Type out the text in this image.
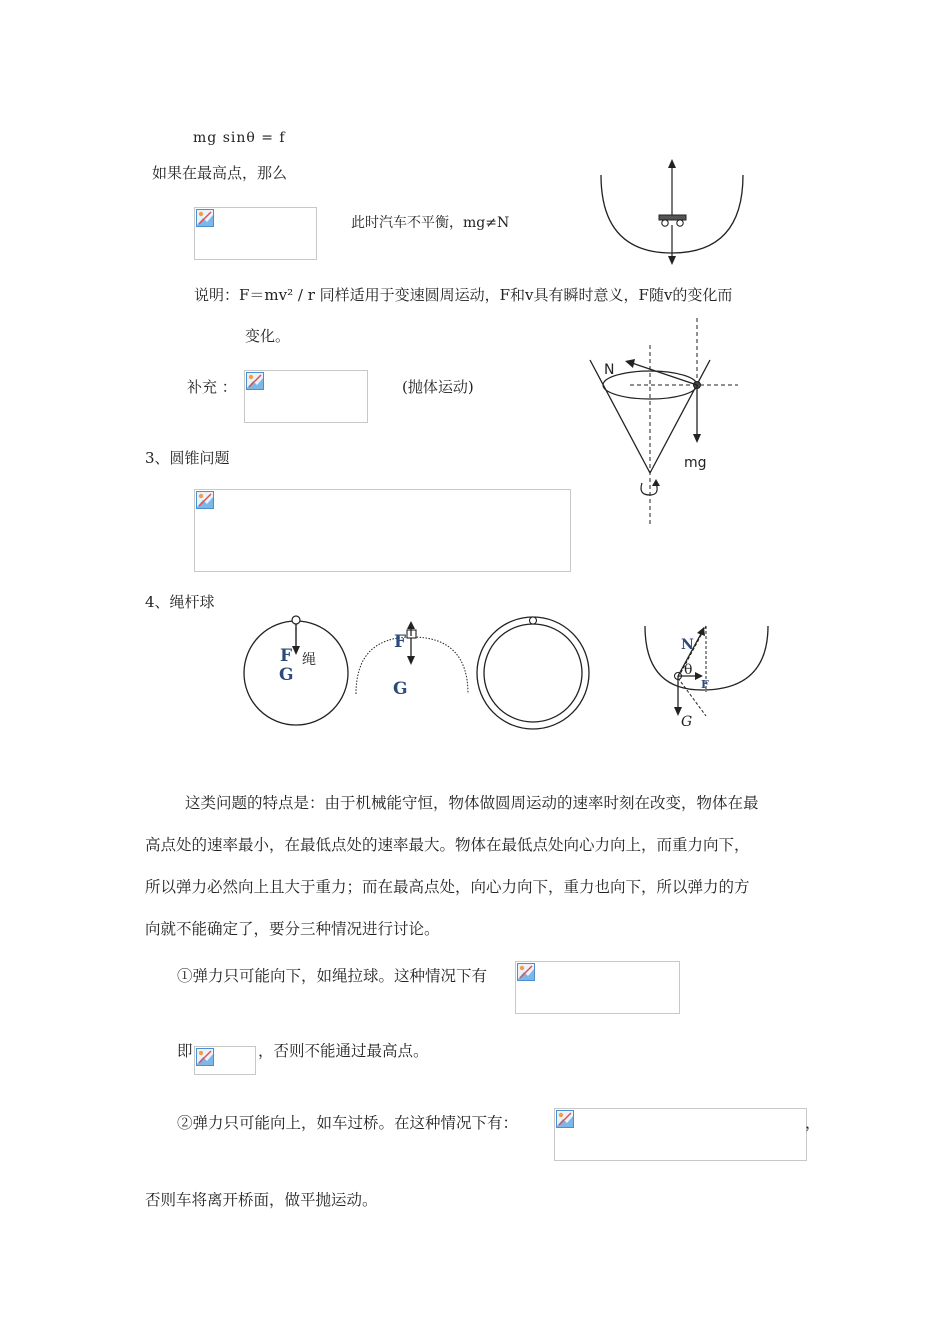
mg sinθ = f
如果在最高点，那么
此时汽车不平衡，mg≠N
说明：F＝mv² / r 同样适用于变速圆周运动，F和v具有瞬时意义，F随v的变化而
变化。
补充 ：	(抛体运动)
N
mg
3、圆锥问题
4、绳杆球
F
G
绳
F
G
N
θ
F
G

这类问题的特点是：由于机械能守恒，物体做圆周运动的速率时刻在改变，物体在最

高点处的速率最小，在最低点处的速率最大。物体在最低点处向心力向上，而重力向下，

所以弹力必然向上且大于重力；而在最高点处，向心力向下，重力也向下，所以弹力的方

向就不能确定了，要分三种情况进行讨论。

①弹力只可能向下，如绳拉球。这种情况下有
即	，否则不能通过最高点。
②弹力只可能向上，如车过桥。在这种情况下有：	，
否则车将离开桥面，做平抛运动。
